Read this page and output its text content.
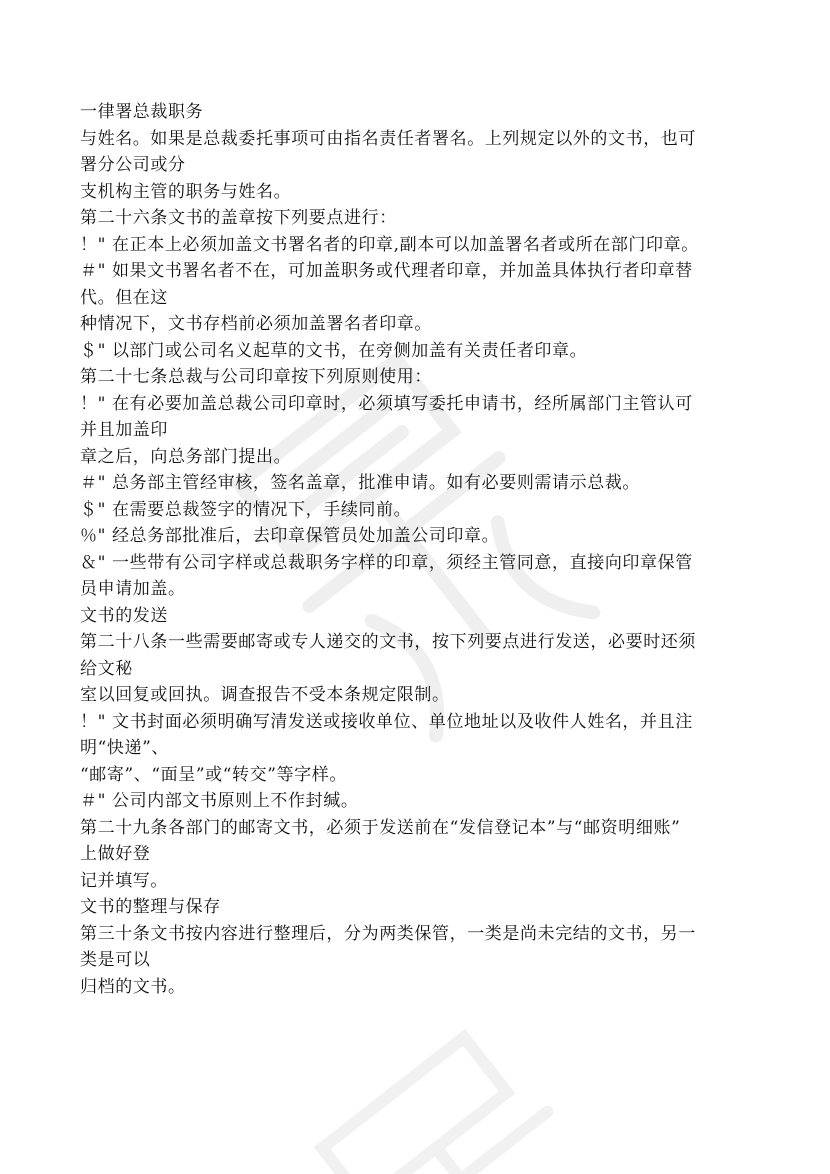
一律署总裁职务
与姓名。如果是总裁委托事项可由指名责任者署名。上列规定以外的文书，也可
署分公司或分
支机构主管的职务与姓名。
第二十六条文书的盖章按下列要点进行：
！" 在正本上必须加盖文书署名者的印章,副本可以加盖署名者或所在部门印章。
＃" 如果文书署名者不在，可加盖职务或代理者印章，并加盖具体执行者印章替
代。但在这
种情况下，文书存档前必须加盖署名者印章。
＄" 以部门或公司名义起草的文书，在旁侧加盖有关责任者印章。
第二十七条总裁与公司印章按下列原则使用：
！" 在有必要加盖总裁公司印章时，必须填写委托申请书，经所属部门主管认可
并且加盖印
章之后，向总务部门提出。
＃" 总务部主管经审核，签名盖章，批准申请。如有必要则需请示总裁。
＄" 在需要总裁签字的情况下，手续同前。
％" 经总务部批准后，去印章保管员处加盖公司印章。
＆" 一些带有公司字样或总裁职务字样的印章，须经主管同意，直接向印章保管
员申请加盖。
文书的发送
第二十八条一些需要邮寄或专人递交的文书，按下列要点进行发送，必要时还须
给文秘
室以回复或回执。调查报告不受本条规定限制。
！" 文书封面必须明确写清发送或接收单位、单位地址以及收件人姓名，并且注
明“快递”、
“邮寄”、“面呈”或“转交”等字样。
＃" 公司内部文书原则上不作封缄。
第二十九条各部门的邮寄文书，必须于发送前在“发信登记本”与“邮资明细账”
上做好登
记并填写。
文书的整理与保存
第三十条文书按内容进行整理后，分为两类保管，一类是尚未完结的文书，另一
类是可以
归档的文书。
